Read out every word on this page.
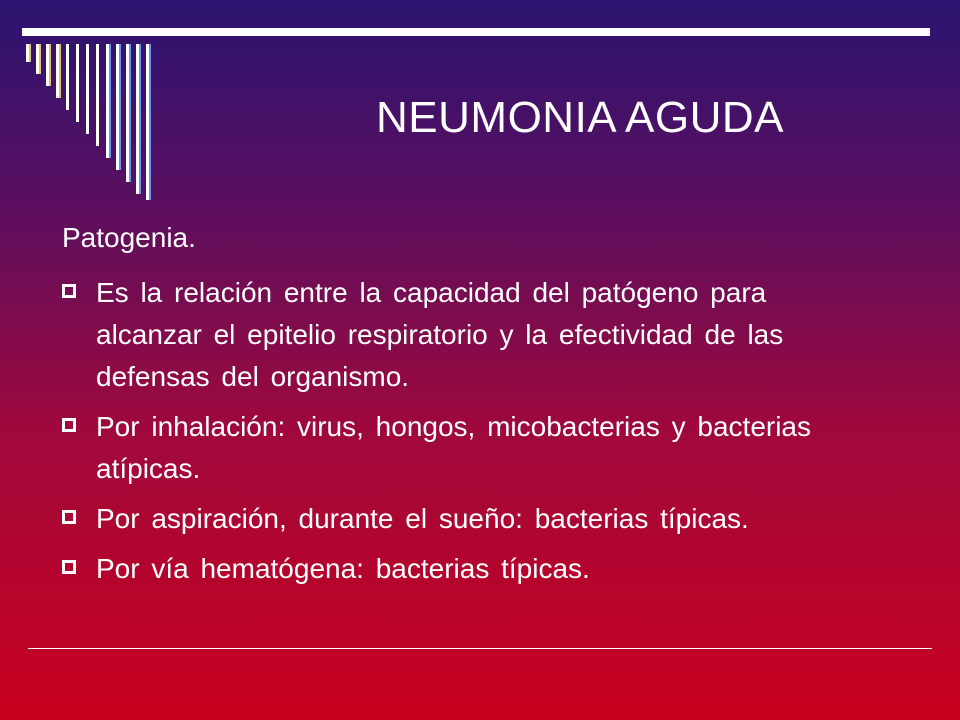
NEUMONIA AGUDA
Patogenia.
Es la relación entre la capacidad del patógeno para alcanzar el epitelio respiratorio y la efectividad de las defensas del organismo.
Por inhalación: virus, hongos, micobacterias y bacterias atípicas.
Por aspiración, durante el sueño: bacterias típicas.
Por vía hematógena: bacterias típicas.
